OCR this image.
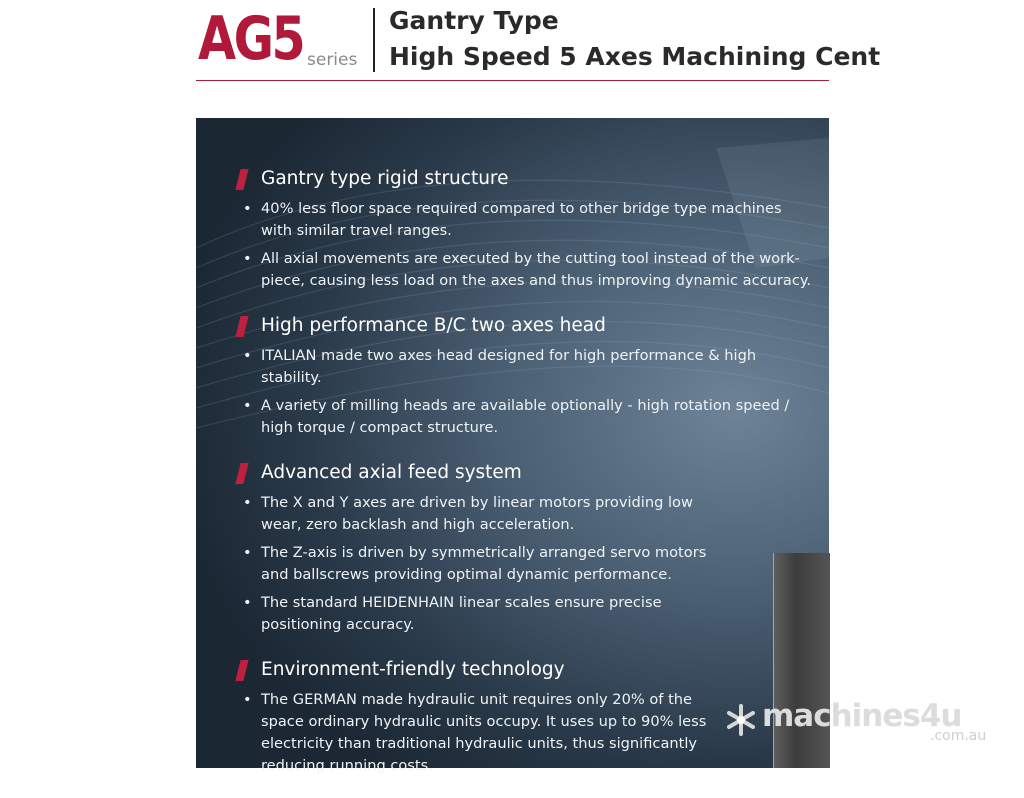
AG5 series
Gantry Type
High Speed 5 Axes Machining Cent
Gantry type rigid structure
• 40% less floor space required compared to other bridge type machines with similar travel ranges.
• All axial movements are executed by the cutting tool instead of the work-piece, causing less load on the axes and thus improving dynamic accuracy.
High performance B/C two axes head
• ITALIAN made two axes head designed for high performance & high stability.
• A variety of milling heads are available optionally - high rotation speed / high torque / compact structure.
Advanced axial feed system
• The X and Y axes are driven by linear motors providing low wear, zero backlash and high acceleration.
• The Z-axis is driven by symmetrically arranged servo motors and ballscrews providing optimal dynamic performance.
• The standard HEIDENHAIN linear scales ensure precise positioning accuracy.
Environment-friendly technology
• The GERMAN made hydraulic unit requires only 20% of the space ordinary hydraulic units occupy. It uses up to 90% less electricity than traditional hydraulic units, thus significantly reducing running costs.
machines4u
.com.au
